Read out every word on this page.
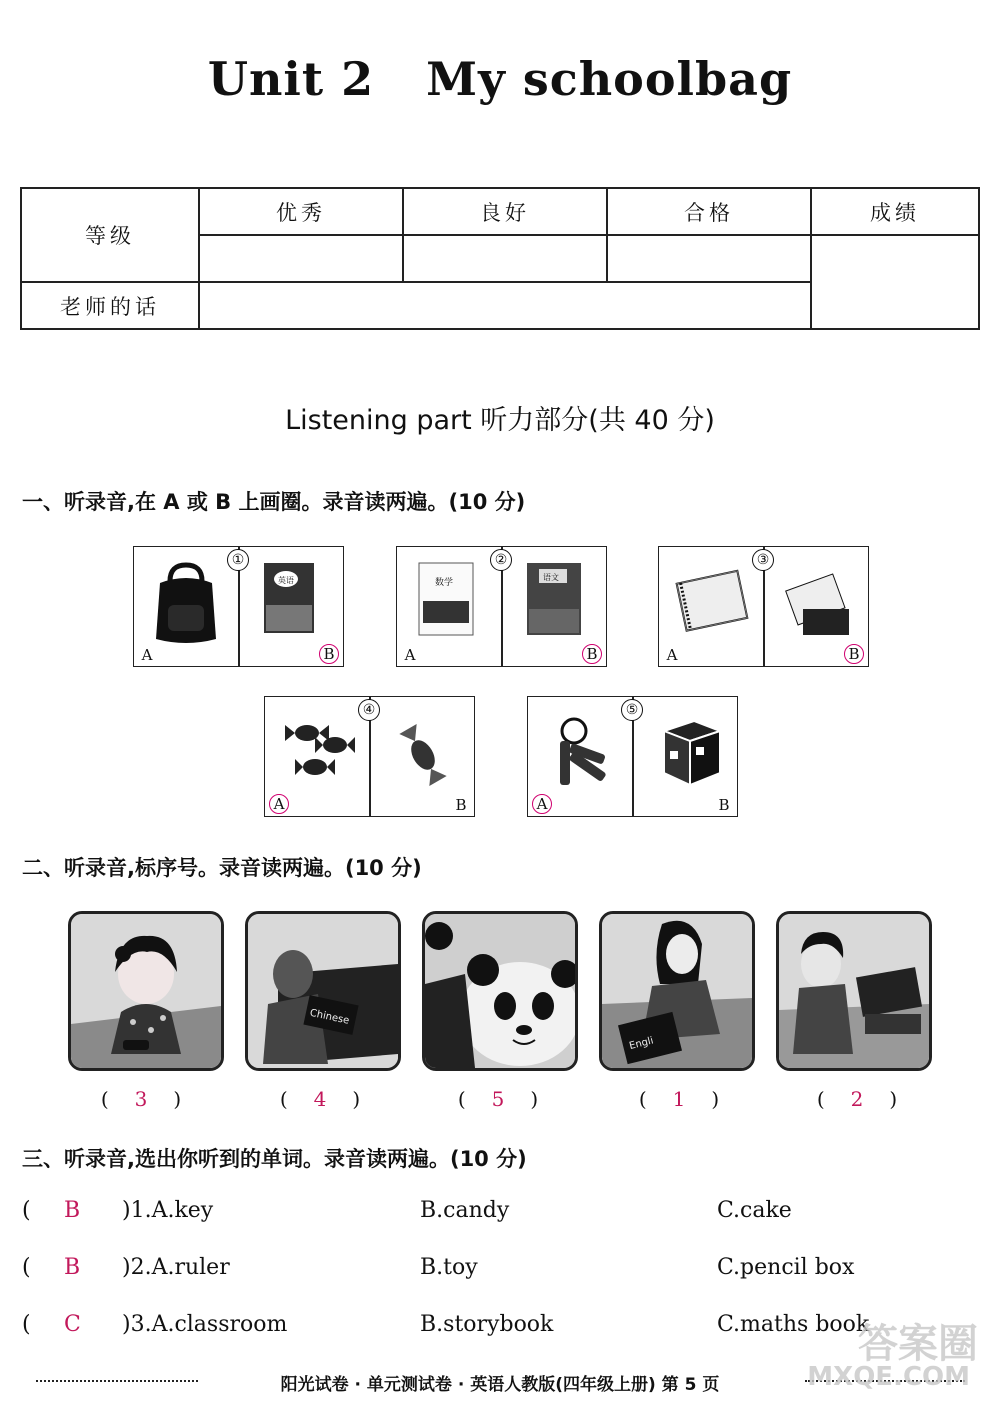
Unit 2 My schoolbag
等级	优秀	良好	合格	成绩

老师的话				
Listening part 听力部分(共 40 分)
一、听录音,在 A 或 B 上画圈。录音读两遍。(10 分)
①
A
英语
B
②
数学
A
语文
B
③
A	B
④
A	B
⑤
A	B
二、听录音,标序号。录音读两遍。(10 分)
Chinese
Engli
( 3 )	( 4 )	( 5 )	( 1 )	( 2 )
三、听录音,选出你听到的单词。录音读两遍。(10 分)
( B )1.A.key	B.candy	C.cake
( B )2.A.ruler	B.toy	C.pencil box
( C )3.A.classroom	B.storybook	C.maths book
阳光试卷 · 单元测试卷 · 英语人教版(四年级上册) 第 5 页
答案圈
MXQE.COM
